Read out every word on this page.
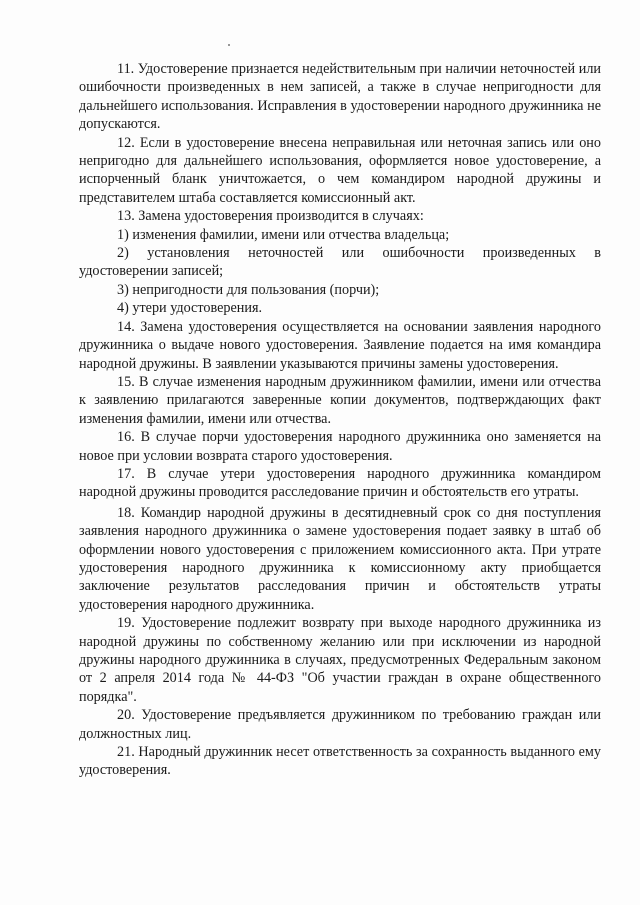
11. Удостоверение признается недействительным при наличии неточностей или ошибочности произведенных в нем записей, а также в случае непригодности для дальнейшего использования. Исправления в удостоверении народного дружинника не допускаются.

12. Если в удостоверение внесена неправильная или неточная запись или оно непригодно для дальнейшего использования, оформляется новое удостоверение, а испорченный бланк уничтожается, о чем командиром народной дружины и представителем штаба составляется комиссионный акт.

13. Замена удостоверения производится в случаях:

1) изменения фамилии, имени или отчества владельца;

2) установления неточностей или ошибочности произведенных в удостоверении записей;

3) непригодности для пользования (порчи);

4) утери удостоверения.

14. Замена удостоверения осуществляется на основании заявления народного дружинника о выдаче нового удостоверения. Заявление подается на имя командира народной дружины. В заявлении указываются причины замены удостоверения.

15. В случае изменения народным дружинником фамилии, имени или отчества к заявлению прилагаются заверенные копии документов, подтверждающих факт изменения фамилии, имени или отчества.

16. В случае порчи удостоверения народного дружинника оно заменяется на новое при условии возврата старого удостоверения.

17. В случае утери удостоверения народного дружинника командиром народной дружины проводится расследование причин и обстоятельств его утраты.

18. Командир народной дружины в десятидневный срок со дня поступления заявления народного дружинника о замене удостоверения подает заявку в штаб об оформлении нового удостоверения с приложением комиссионного акта. При утрате удостоверения народного дружинника к комиссионному акту приобщается заключение результатов расследования причин и обстоятельств утраты удостоверения народного дружинника.

19. Удостоверение подлежит возврату при выходе народного дружинника из народной дружины по собственному желанию или при исключении из народной дружины народного дружинника в случаях, предусмотренных Федеральным законом от 2 апреля 2014 года № 44-ФЗ "Об участии граждан в охране общественного порядка".

20. Удостоверение предъявляется дружинником по требованию граждан или должностных лиц.

21. Народный дружинник несет ответственность за сохранность выданного ему удостоверения.
